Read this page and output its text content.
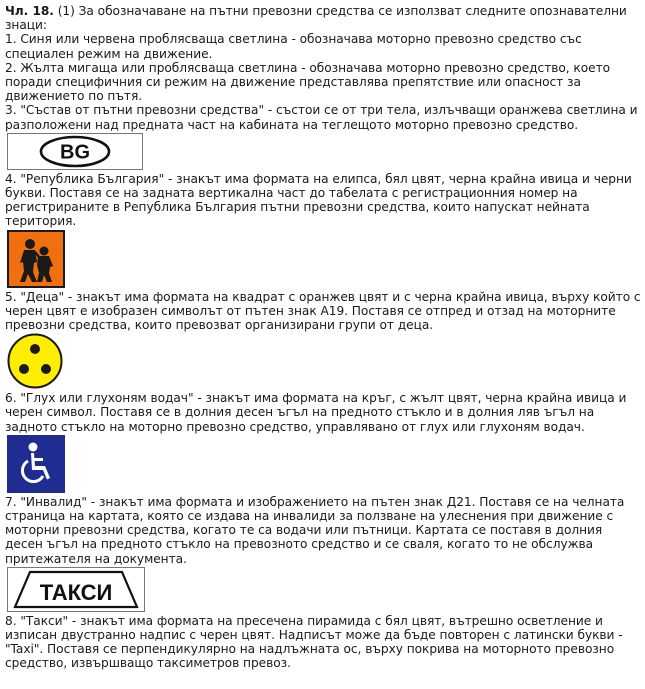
Чл. 18. (1) За обозначаване на пътни превозни средства се използват следните опознавателни знаци:

1. Синя или червена проблясваща светлина - обозначава моторно превозно средство със специален режим на движение.

2. Жълта мигаща или проблясваща светлина - обозначава моторно превозно средство, което поради специфичния си режим на движение представлява препятствие или опасност за движението по пътя.

3. "Състав от пътни превозни средства" - състои се от три тела, излъчващи оранжева светлина и разположени над предната част на кабината на теглещото моторно превозно средство.

BG

4. "Република България" - знакът има формата на елипса, бял цвят, черна крайна ивица и черни букви. Поставя се на задната вертикална част до табелата с регистрационния номер на регистрираните в Република България пътни превозни средства, които напускат нейната територия.

5. "Деца" - знакът има формата на квадрат с оранжев цвят и с черна крайна ивица, върху който с черен цвят е изобразен символът от пътен знак А19. Поставя се отпред и отзад на моторните превозни средства, които превозват организирани групи от деца.

6. "Глух или глухоням водач" - знакът има формата на кръг, с жълт цвят, черна крайна ивица и черен символ. Поставя се в долния десен ъгъл на предното стъкло и в долния ляв ъгъл на задното стъкло на моторно превозно средство, управлявано от глух или глухоням водач.

7. "Инвалид" - знакът има формата и изображението на пътен знак Д21. Поставя се на челната страница на картата, която се издава на инвалиди за ползване на улеснения при движение с моторни превозни средства, когато те са водачи или пътници. Картата се поставя в долния десен ъгъл на предното стъкло на превозното средство и се сваля, когато то не обслужва притежателя на документа.

ТАКСИ

8. "Такси" - знакът има формата на пресечена пирамида с бял цвят, вътрешно осветление и изписан двустранно надпис с черен цвят. Надписът може да бъде повторен с латински букви - "Taxi". Поставя се перпендикулярно на надлъжната ос, върху покрива на моторното превозно средство, извършващо таксиметров превоз.
